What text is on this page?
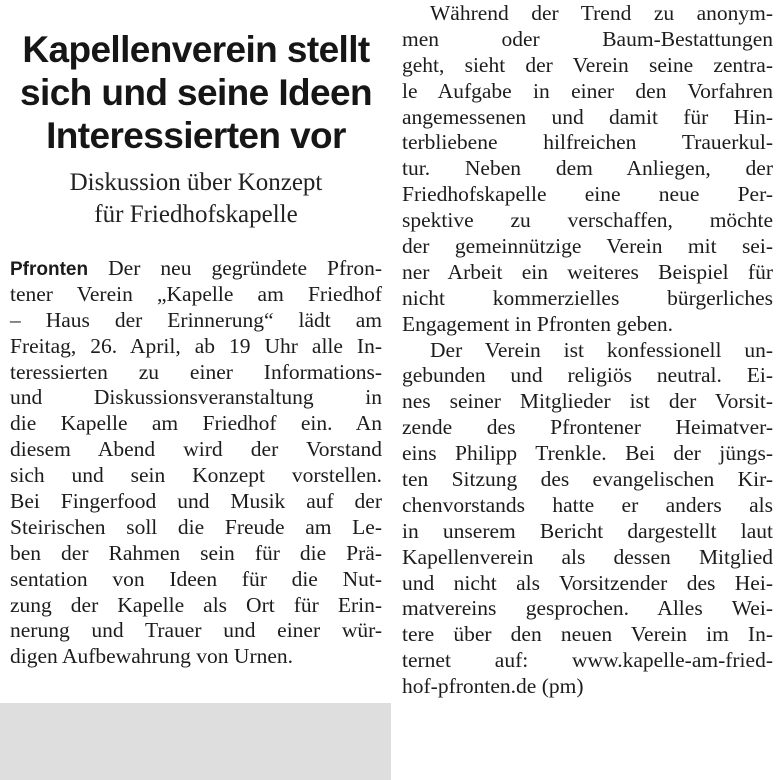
Kapellenverein stellt
sich und seine Ideen
Interessierten vor
Diskussion über Konzept
für Friedhofskapelle

Pfronten Der neu gegründete Pfron-
tener Verein „Kapelle am Friedhof
– Haus der Erinnerung“ lädt am
Freitag, 26. April, ab 19 Uhr alle In-
teressierten zu einer Informations-
und Diskussionsveranstaltung in
die Kapelle am Friedhof ein. An
diesem Abend wird der Vorstand
sich und sein Konzept vorstellen.
Bei Fingerfood und Musik auf der
Steirischen soll die Freude am Le-
ben der Rahmen sein für die Prä-
sentation von Ideen für die Nut-
zung der Kapelle als Ort für Erin-
nerung und Trauer und einer wür-
digen Aufbewahrung von Urnen.

Während der Trend zu anonym-
men oder Baum-Bestattungen
geht, sieht der Verein seine zentra-
le Aufgabe in einer den Vorfahren
angemessenen und damit für Hin-
terbliebene hilfreichen Trauerkul-
tur. Neben dem Anliegen, der
Friedhofskapelle eine neue Per-
spektive zu verschaffen, möchte
der gemeinnützige Verein mit sei-
ner Arbeit ein weiteres Beispiel für
nicht kommerzielles bürgerliches
Engagement in Pfronten geben.

Der Verein ist konfessionell un-
gebunden und religiös neutral. Ei-
nes seiner Mitglieder ist der Vorsit-
zende des Pfrontener Heimatver-
eins Philipp Trenkle. Bei der jüngs-
ten Sitzung des evangelischen Kir-
chenvorstands hatte er anders als
in unserem Bericht dargestellt laut
Kapellenverein als dessen Mitglied
und nicht als Vorsitzender des Hei-
matvereins gesprochen. Alles Wei-
tere über den neuen Verein im In-
ternet auf: www.kapelle-am-fried-
hof-pfronten.de (pm)
